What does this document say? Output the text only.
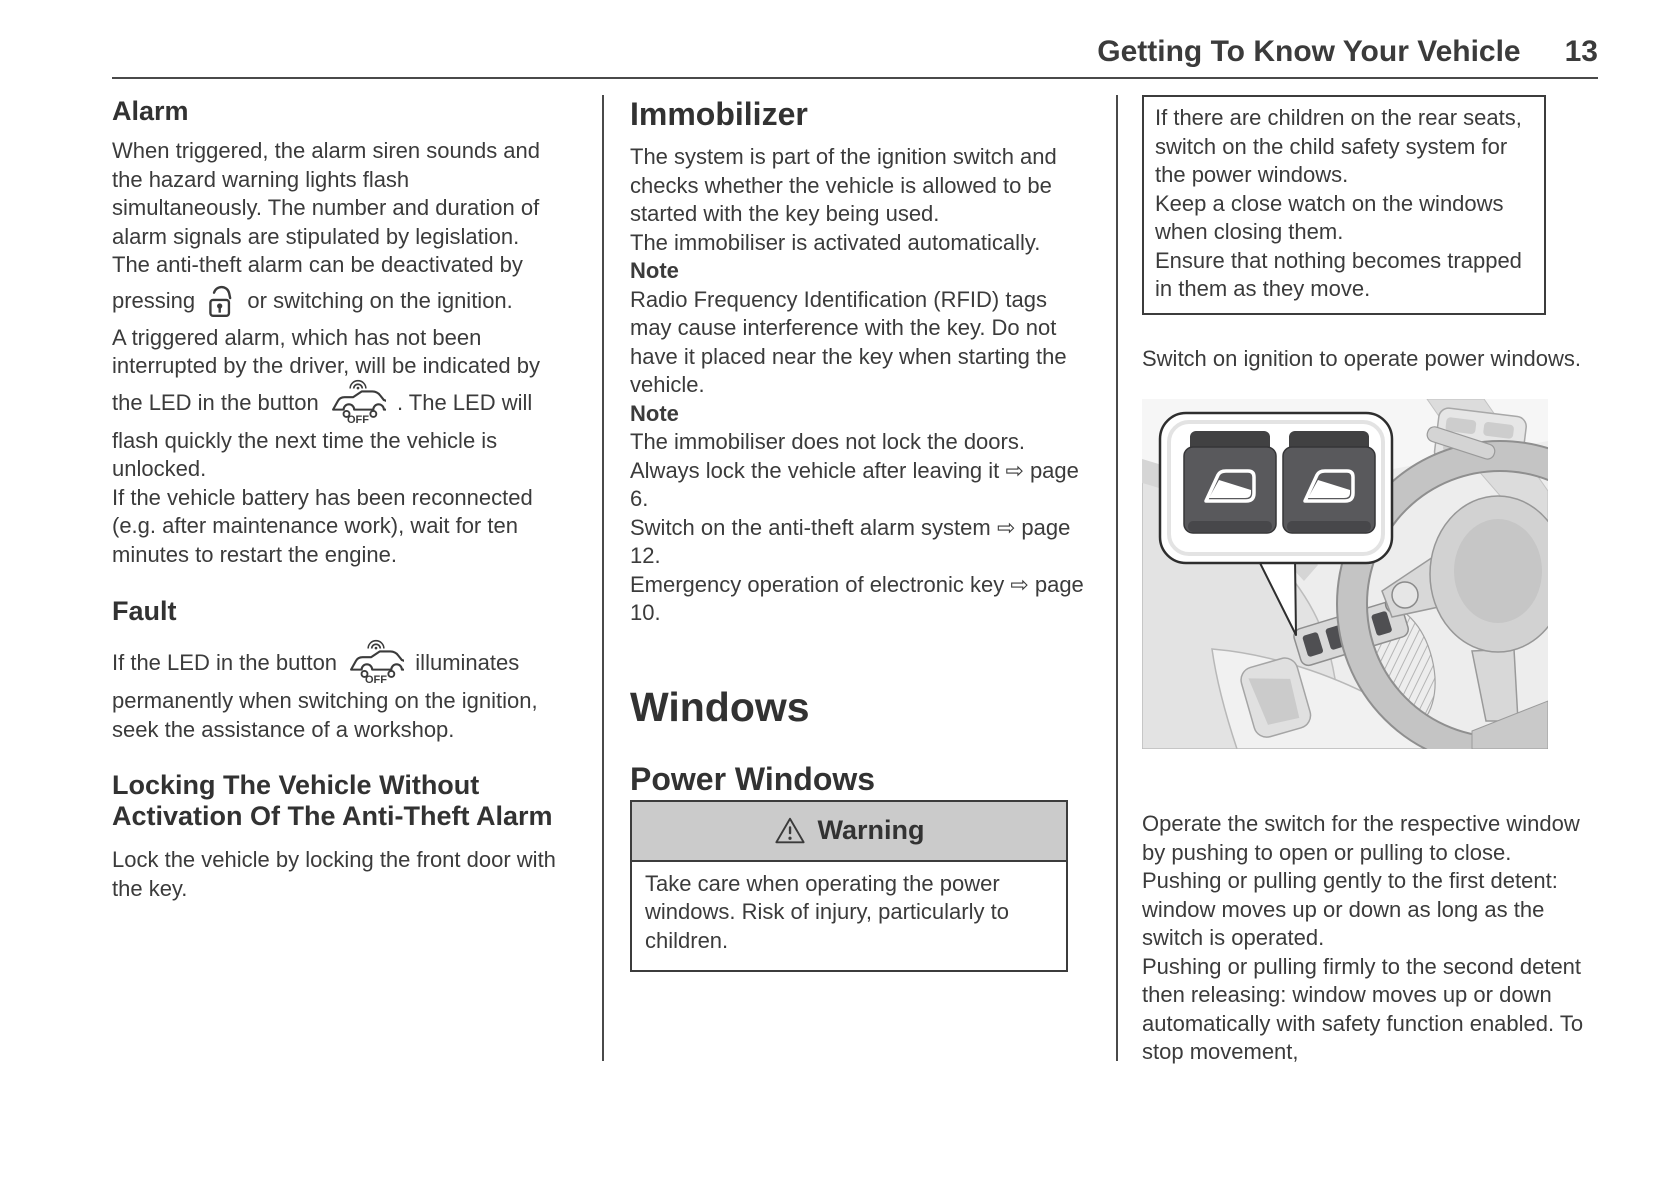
Getting To Know Your Vehicle 13
Alarm

When triggered, the alarm siren sounds and the hazard warning lights flash simultaneously. The number and duration of alarm signals are stipulated by legislation.

The anti-theft alarm can be deactivated by pressing or switching on the ignition.

A triggered alarm, which has not been interrupted by the driver, will be indicated by the LED in the button
OFF
. The LED will flash quickly the next time the vehicle is unlocked.

If the vehicle battery has been reconnected (e.g. after maintenance work), wait for ten minutes to restart the engine.

Fault

If the LED in the button
OFF
illuminates permanently when switching on the ignition, seek the assistance of a workshop.

Locking The Vehicle Without Activation Of The Anti-Theft Alarm

Lock the vehicle by locking the front door with the key.

Immobilizer

The system is part of the ignition switch and checks whether the vehicle is allowed to be started with the key being used.

The immobiliser is activated automatically.

Note

Radio Frequency Identification (RFID) tags may cause interference with the key. Do not have it placed near the key when starting the vehicle.

Note

The immobiliser does not lock the doors. Always lock the vehicle after leaving it ⇨ page 6.

Switch on the anti-theft alarm system ⇨ page 12.

Emergency operation of electronic key ⇨ page 10.

Windows
Power Windows
Warning

Take care when operating the power windows. Risk of injury, particularly to children.

If there are children on the rear seats, switch on the child safety system for the power windows.

Keep a close watch on the windows when closing them.

Ensure that nothing becomes trapped in them as they move.

Switch on ignition to operate power windows.

Operate the switch for the respective window by pushing to open or pulling to close.

Pushing or pulling gently to the first detent: window moves up or down as long as the switch is operated.

Pushing or pulling firmly to the second detent then releasing: window moves up or down automatically with safety function enabled. To stop movement,
